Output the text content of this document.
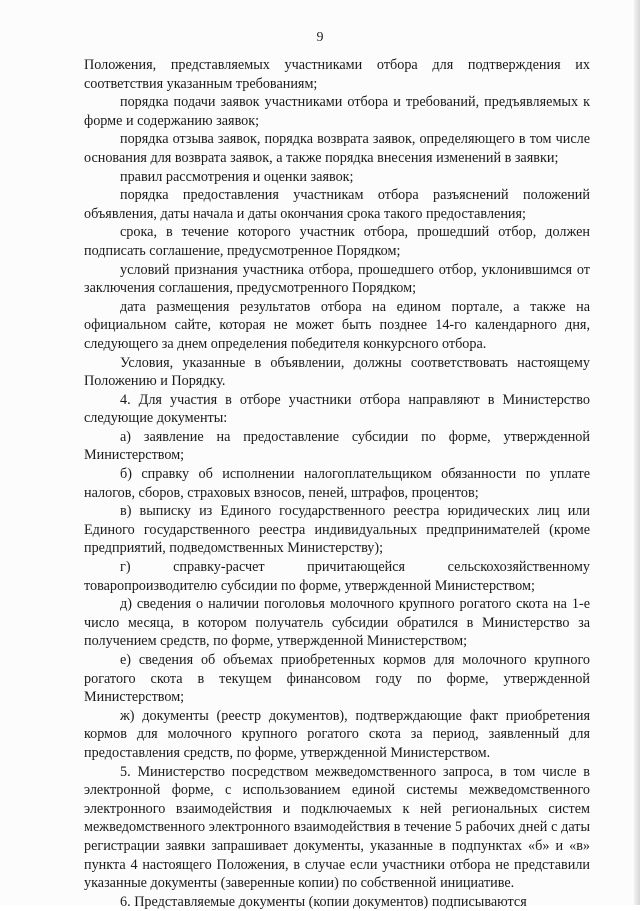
9

Положения, представляемых участниками отбора для подтверждения их соответствия указанным требованиям;

порядка подачи заявок участниками отбора и требований, предъявляемых к форме и содержанию заявок;

порядка отзыва заявок, порядка возврата заявок, определяющего в том числе основания для возврата заявок, а также порядка внесения изменений в заявки;

правил рассмотрения и оценки заявок;

порядка предоставления участникам отбора разъяснений положений объявления, даты начала и даты окончания срока такого предоставления;

срока, в течение которого участник отбора, прошедший отбор, должен подписать соглашение, предусмотренное Порядком;

условий признания участника отбора, прошедшего отбор, уклонившимся от заключения соглашения, предусмотренного Порядком;

дата размещения результатов отбора на едином портале, а также на официальном сайте, которая не может быть позднее 14-го календарного дня, следующего за днем определения победителя конкурсного отбора.

Условия, указанные в объявлении, должны соответствовать настоящему Положению и Порядку.

4. Для участия в отборе участники отбора направляют в Министерство следующие документы:

а) заявление на предоставление субсидии по форме, утвержденной Министерством;

б) справку об исполнении налогоплательщиком обязанности по уплате налогов, сборов, страховых взносов, пеней, штрафов, процентов;

в) выписку из Единого государственного реестра юридических лиц или Единого государственного реестра индивидуальных предпринимателей (кроме предприятий, подведомственных Министерству);

г) справку-расчет причитающейся сельскохозяйственному товаропроизводителю субсидии по форме, утвержденной Министерством;

д) сведения о наличии поголовья молочного крупного рогатого скота на 1-е число месяца, в котором получатель субсидии обратился в Министерство за получением средств, по форме, утвержденной Министерством;

е) сведения об объемах приобретенных кормов для молочного крупного рогатого скота в текущем финансовом году по форме, утвержденной Министерством;

ж) документы (реестр документов), подтверждающие факт приобретения кормов для молочного крупного рогатого скота за период, заявленный для предоставления средств, по форме, утвержденной Министерством.

5. Министерство посредством межведомственного запроса, в том числе в электронной форме, с использованием единой системы межведомственного электронного взаимодействия и подключаемых к ней региональных систем межведомственного электронного взаимодействия в течение 5 рабочих дней с даты регистрации заявки запрашивает документы, указанные в подпунктах «б» и «в» пункта 4 настоящего Положения, в случае если участники отбора не представили указанные документы (заверенные копии) по собственной инициативе.

6. Представляемые документы (копии документов) подписываются
